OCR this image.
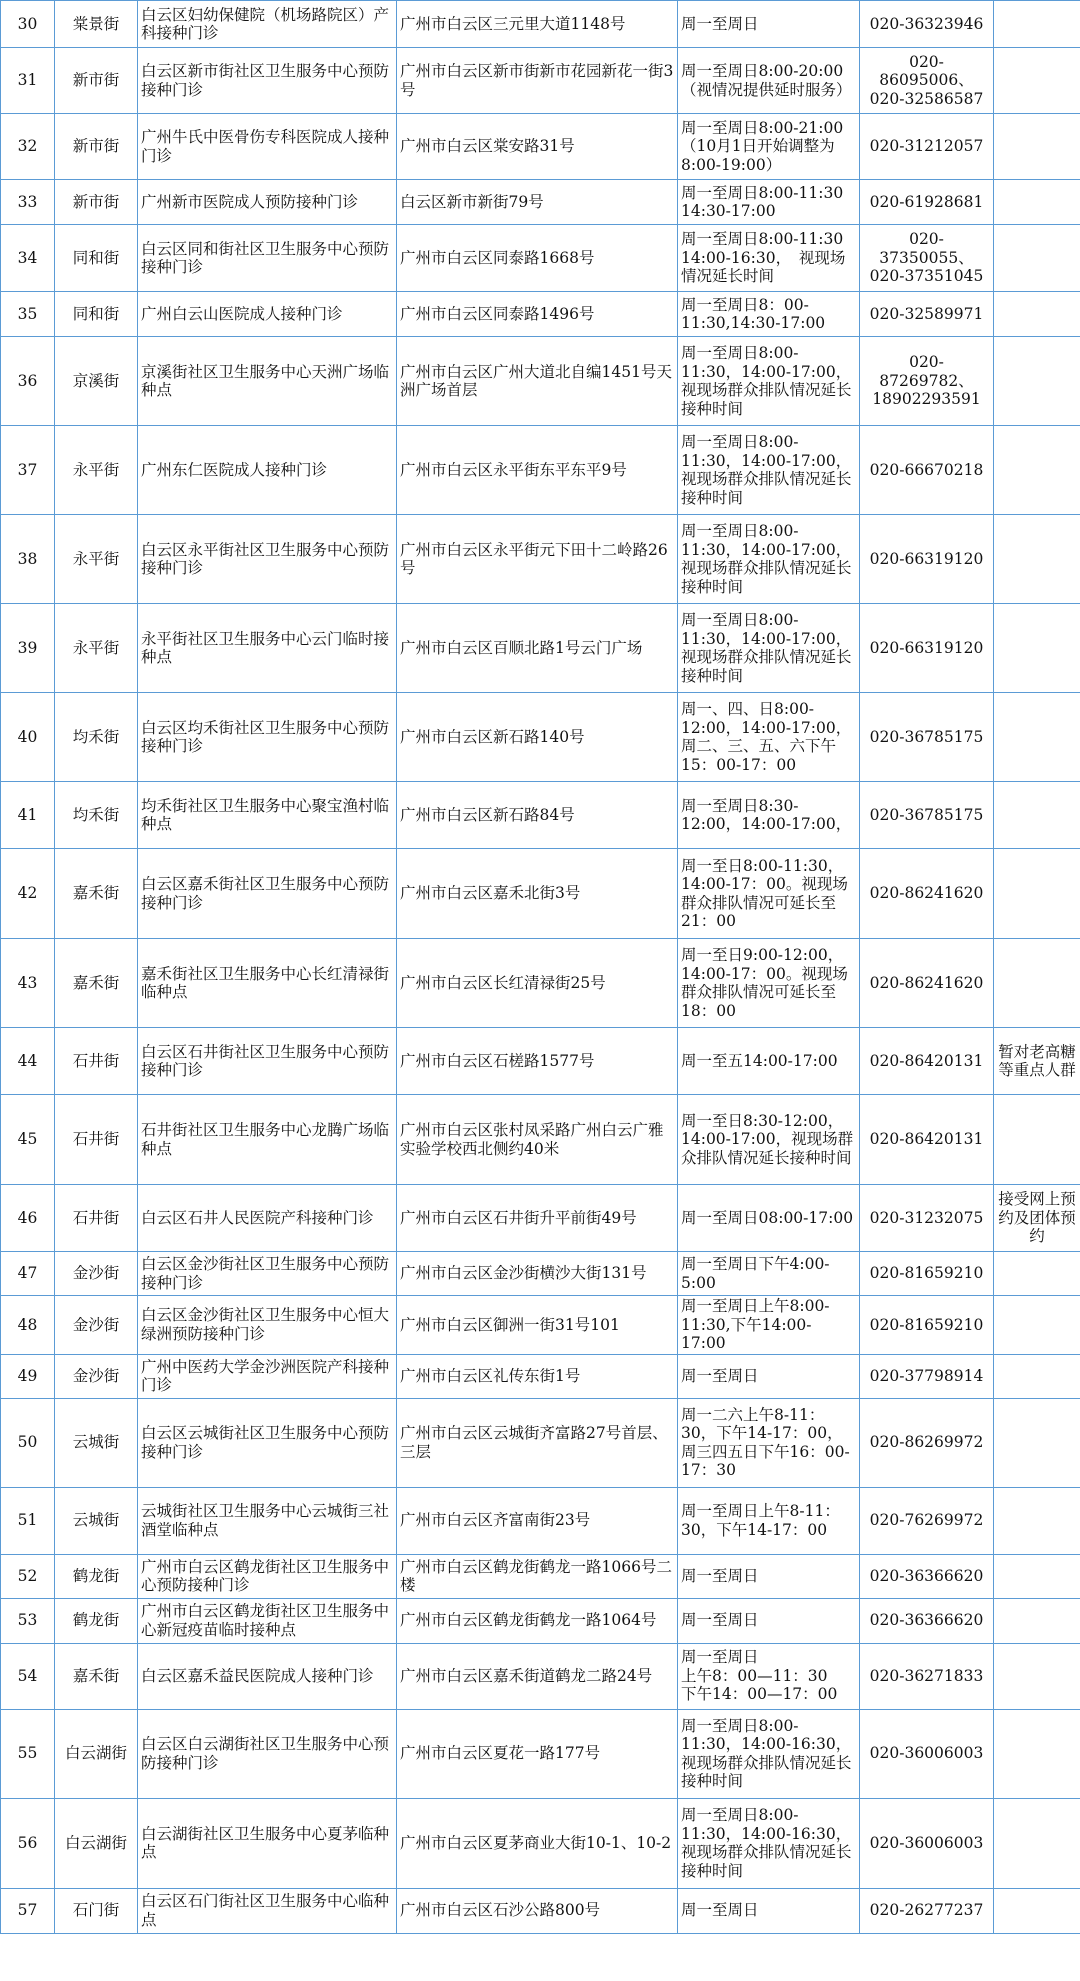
30	棠景街	白云区妇幼保健院（机场路院区）产科接种门诊	广州市白云区三元里大道1148号	周一至周日	020-36323946	
31	新市街	白云区新市街社区卫生服务中心预防接种门诊	广州市白云区新市街新市花园新花一街3号	周一至周日8:00-20:00（视情况提供延时服务）	020-86095006、020-32586587	
32	新市街	广州牛氏中医骨伤专科医院成人接种门诊	广州市白云区棠安路31号	周一至周日8:00-21:00（10月1日开始调整为8:00-19:00）	020-31212057	
33	新市街	广州新市医院成人预防接种门诊	白云区新市新街79号	周一至周日8:00-11:30　14:30-17:00	020-61928681	
34	同和街	白云区同和街社区卫生服务中心预防接种门诊	广州市白云区同泰路1668号	周一至周日8:00-11:30　14:00-16:30，　视现场情况延长时间	020-37350055、020-37351045	
35	同和街	广州白云山医院成人接种门诊	广州市白云区同泰路1496号	周一至周日8：00-11:30,14:30-17:00	020-32589971	
36	京溪街	京溪街社区卫生服务中心天洲广场临种点	广州市白云区广州大道北自编1451号天洲广场首层	周一至周日8:00-11:30，14:00-17:00，视现场群众排队情况延长接种时间	020-87269782、18902293591	
37	永平街	广州东仁医院成人接种门诊	广州市白云区永平街东平东平9号	周一至周日8:00-11:30，14:00-17:00，视现场群众排队情况延长接种时间	020-66670218	
38	永平街	白云区永平街社区卫生服务中心预防接种门诊	广州市白云区永平街元下田十二岭路26号	周一至周日8:00-11:30，14:00-17:00，视现场群众排队情况延长接种时间	020-66319120	
39	永平街	永平街社区卫生服务中心云门临时接种点	广州市白云区百顺北路1号云门广场	周一至周日8:00-11:30，14:00-17:00，视现场群众排队情况延长接种时间	020-66319120	
40	均禾街	白云区均禾街社区卫生服务中心预防接种门诊	广州市白云区新石路140号	周一、四、日8:00-12:00，14:00-17:00，周二、三、五、六下午15：00-17：00	020-36785175	
41	均禾街	均禾街社区卫生服务中心聚宝渔村临种点	广州市白云区新石路84号	周一至周日8:30-12:00，14:00-17:00，	020-36785175	
42	嘉禾街	白云区嘉禾街社区卫生服务中心预防接种门诊	广州市白云区嘉禾北街3号	周一至日8:00-11:30，14:00-17：00。视现场群众排队情况可延长至21：00	020-86241620	
43	嘉禾街	嘉禾街社区卫生服务中心长红清禄街临种点	广州市白云区长红清禄街25号	周一至日9:00-12:00，14:00-17：00。视现场群众排队情况可延长至18：00	020-86241620	
44	石井街	白云区石井街社区卫生服务中心预防接种门诊	广州市白云区石槎路1577号	周一至五14:00-17:00	020-86420131	暂对老高糖等重点人群
45	石井街	石井街社区卫生服务中心龙腾广场临种点	广州市白云区张村凤采路广州白云广雅实验学校西北侧约40米	周一至日8:30-12:00，14:00-17:00，视现场群众排队情况延长接种时间	020-86420131	
46	石井街	白云区石井人民医院产科接种门诊	广州市白云区石井街升平前街49号	周一至周日08:00-17:00	020-31232075	接受网上预约及团体预约
47	金沙街	白云区金沙街社区卫生服务中心预防接种门诊	广州市白云区金沙街横沙大街131号	周一至周日下午4:00-5:00	020-81659210	
48	金沙街	白云区金沙街社区卫生服务中心恒大绿洲预防接种门诊	广州市白云区御洲一街31号101	周一至周日上午8:00-11:30,下午14:00-17:00	020-81659210	
49	金沙街	广州中医药大学金沙洲医院产科接种门诊	广州市白云区礼传东街1号	周一至周日	020-37798914	
50	云城街	白云区云城街社区卫生服务中心预防接种门诊	广州市白云区云城街齐富路27号首层、三层	周一二六上午8-11：30，下午14-17：00，周三四五日下午16：00-17：30	020-86269972	
51	云城街	云城街社区卫生服务中心云城街三社酒堂临种点	广州市白云区齐富南街23号	周一至周日上午8-11：30，下午14-17：00	020-76269972	
52	鹤龙街	广州市白云区鹤龙街社区卫生服务中心预防接种门诊	广州市白云区鹤龙街鹤龙一路1066号二楼	周一至周日	020-36366620	
53	鹤龙街	广州市白云区鹤龙街社区卫生服务中心新冠疫苗临时接种点	广州市白云区鹤龙街鹤龙一路1064号	周一至周日	020-36366620	
54	嘉禾街	白云区嘉禾益民医院成人接种门诊	广州市白云区嘉禾街道鹤龙二路24号	周一至周日
上午8：00—11：30
下午14：00—17：00	020-36271833	
55	白云湖街	白云区白云湖街社区卫生服务中心预防接种门诊	广州市白云区夏花一路177号	周一至周日8:00-11:30，14:00-16:30，视现场群众排队情况延长接种时间	020-36006003	
56	白云湖街	白云湖街社区卫生服务中心夏茅临种点	广州市白云区夏茅商业大街10-1、10-2	周一至周日8:00-11:30，14:00-16:30，视现场群众排队情况延长接种时间	020-36006003	
57	石门街	白云区石门街社区卫生服务中心临种点	广州市白云区石沙公路800号	周一至周日	020-26277237	
